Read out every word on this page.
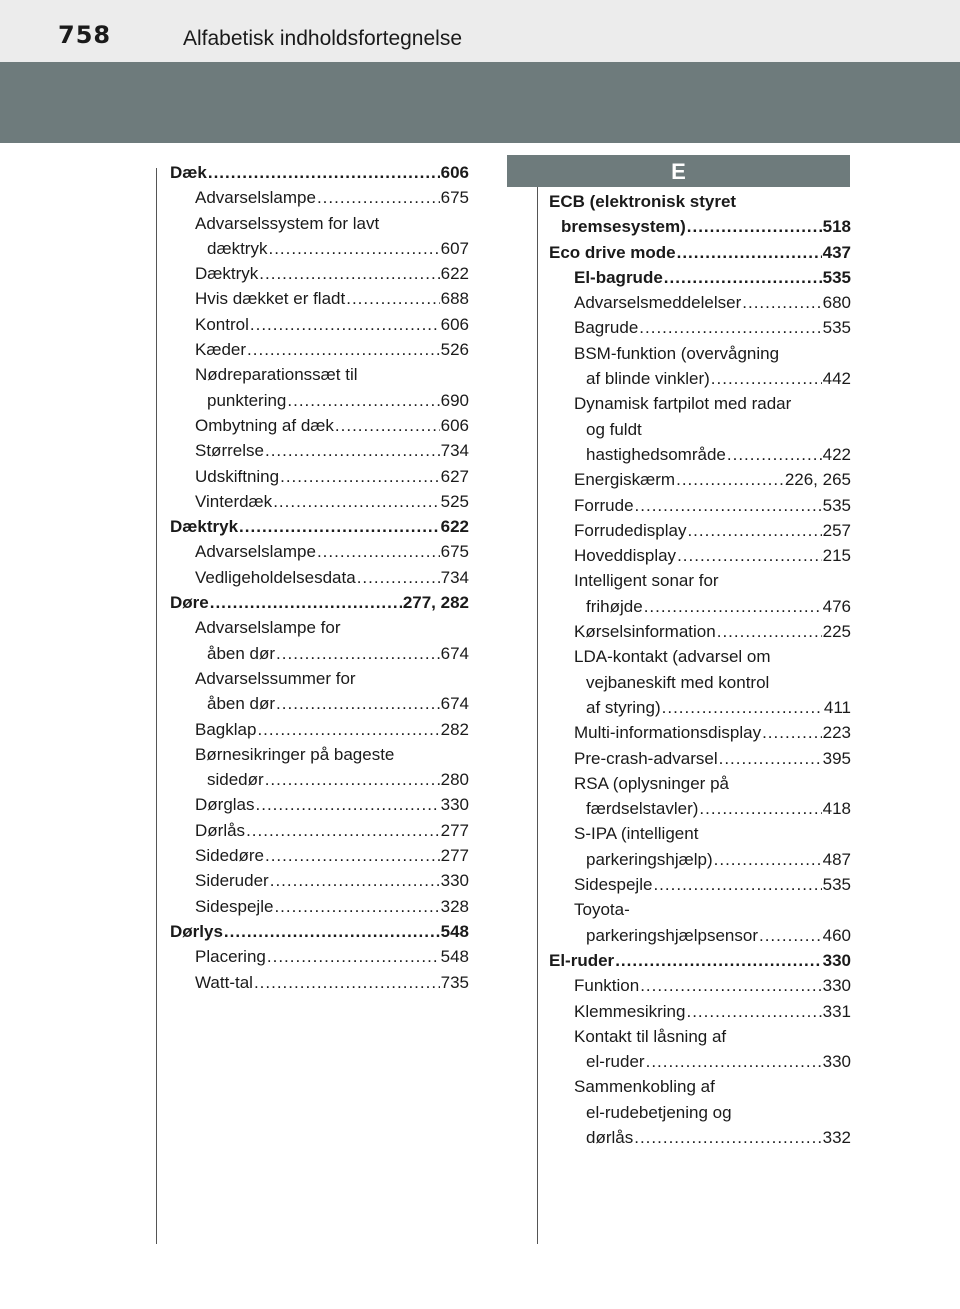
758	Alfabetisk indholdsfortegnelse
Dæk .....	606
Advarselslampe .....	675
Advarselssystem for lavt
dæktryk .....	607
Dæktryk .....	622
Hvis dækket er fladt .....	688
Kontrol .....	606
Kæder .....	526
Nødreparationssæt til
punktering .....	690
Ombytning af dæk .....	606
Størrelse .....	734
Udskiftning .....	627
Vinterdæk .....	525
Dæktryk .....	622
Advarselslampe .....	675
Vedligeholdelsesdata .....	734
Døre .....	277, 282
Advarselslampe for
åben dør .....	674
Advarselssummer for
åben dør .....	674
Bagklap .....	282
Børnesikringer på bageste
sidedør .....	280
Dørglas .....	330
Dørlås .....	277
Sidedøre .....	277
Sideruder .....	330
Sidespejle .....	328
Dørlys .....	548
Placering .....	548
Watt-tal .....	735
E
ECB (elektronisk styret
bremsesystem) .....	518
Eco drive mode .....	437
El-bagrude .....	535
Advarselsmeddelelser .....	680
Bagrude .....	535
BSM-funktion (overvågning
af blinde vinkler) .....	442
Dynamisk fartpilot med radar
og fuldt
hastighedsområde .....	422
Energiskærm .....	226, 265
Forrude .....	535
Forrudedisplay .....	257
Hoveddisplay .....	215
Intelligent sonar for
frihøjde .....	476
Kørselsinformation .....	225
LDA-kontakt (advarsel om
vejbaneskift med kontrol
af styring) .....	411
Multi-informationsdisplay .....	223
Pre-crash-advarsel .....	395
RSA (oplysninger på
færdselstavler) .....	418
S-IPA (intelligent
parkeringshjælp) .....	487
Sidespejle .....	535
Toyota-
parkeringshjælpsensor .....	460
El-ruder .....	330
Funktion .....	330
Klemmesikring .....	331
Kontakt til låsning af
el-ruder .....	330
Sammenkobling af
el-rudebetjening og
dørlås .....	332
